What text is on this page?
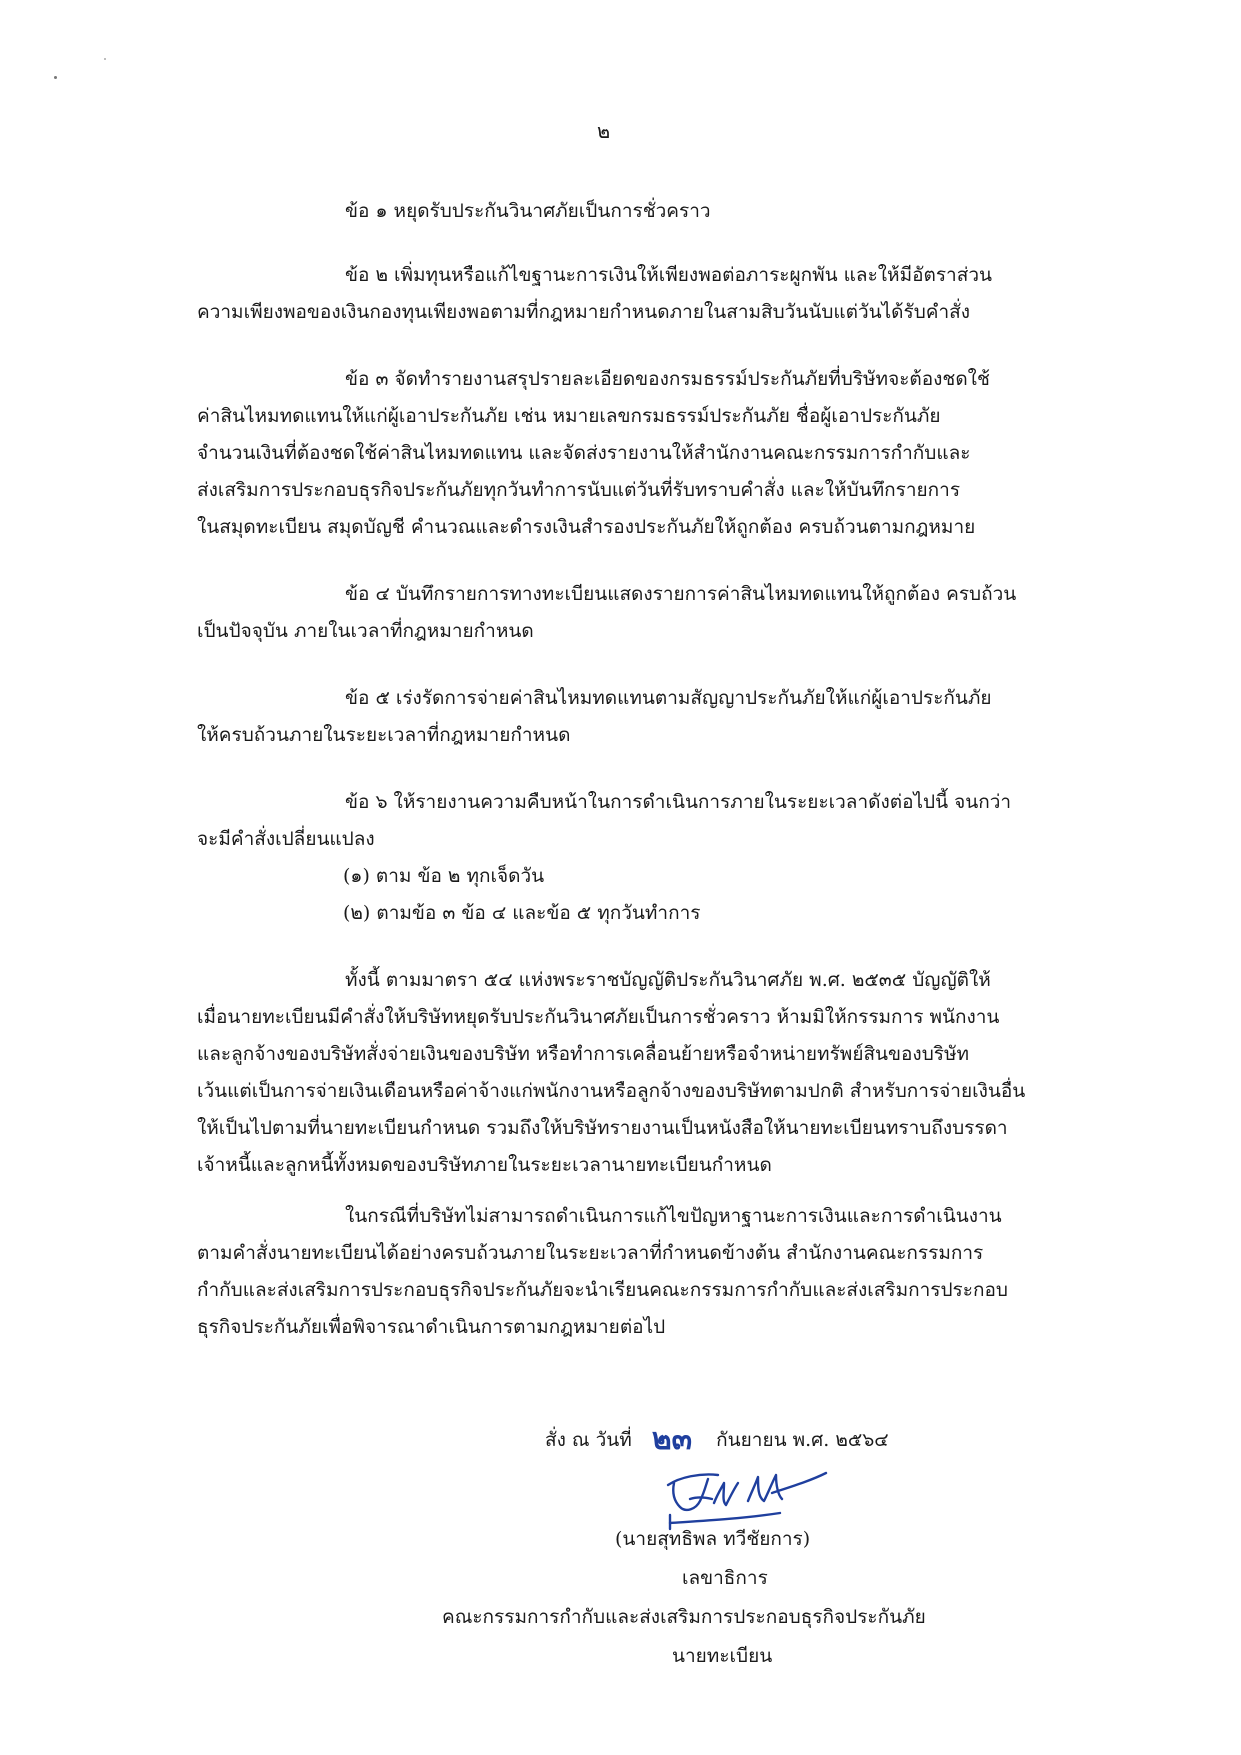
๒
ข้อ ๑ หยุดรับประกันวินาศภัยเป็นการชั่วคราว
ข้อ ๒ เพิ่มทุนหรือแก้ไขฐานะการเงินให้เพียงพอต่อภาระผูกพัน และให้มีอัตราส่วน
ความเพียงพอของเงินกองทุนเพียงพอตามที่กฎหมายกำหนดภายในสามสิบวันนับแต่วันได้รับคำสั่ง
ข้อ ๓ จัดทำรายงานสรุปรายละเอียดของกรมธรรม์ประกันภัยที่บริษัทจะต้องชดใช้
ค่าสินไหมทดแทนให้แก่ผู้เอาประกันภัย เช่น หมายเลขกรมธรรม์ประกันภัย ชื่อผู้เอาประกันภัย
จำนวนเงินที่ต้องชดใช้ค่าสินไหมทดแทน และจัดส่งรายงานให้สำนักงานคณะกรรมการกำกับและ
ส่งเสริมการประกอบธุรกิจประกันภัยทุกวันทำการนับแต่วันที่รับทราบคำสั่ง และให้บันทึกรายการ
ในสมุดทะเบียน สมุดบัญชี คำนวณและดำรงเงินสำรองประกันภัยให้ถูกต้อง ครบถ้วนตามกฎหมาย
ข้อ ๔ บันทึกรายการทางทะเบียนแสดงรายการค่าสินไหมทดแทนให้ถูกต้อง ครบถ้วน
เป็นปัจจุบัน ภายในเวลาที่กฎหมายกำหนด
ข้อ ๕ เร่งรัดการจ่ายค่าสินไหมทดแทนตามสัญญาประกันภัยให้แก่ผู้เอาประกันภัย
ให้ครบถ้วนภายในระยะเวลาที่กฎหมายกำหนด
ข้อ ๖ ให้รายงานความคืบหน้าในการดำเนินการภายในระยะเวลาดังต่อไปนี้ จนกว่า
จะมีคำสั่งเปลี่ยนแปลง
(๑) ตาม ข้อ ๒ ทุกเจ็ดวัน
(๒) ตามข้อ ๓ ข้อ ๔ และข้อ ๕ ทุกวันทำการ
ทั้งนี้ ตามมาตรา ๕๔ แห่งพระราชบัญญัติประกันวินาศภัย พ.ศ. ๒๕๓๕ บัญญัติให้
เมื่อนายทะเบียนมีคำสั่งให้บริษัทหยุดรับประกันวินาศภัยเป็นการชั่วคราว ห้ามมิให้กรรมการ พนักงาน
และลูกจ้างของบริษัทสั่งจ่ายเงินของบริษัท หรือทำการเคลื่อนย้ายหรือจำหน่ายทรัพย์สินของบริษัท
เว้นแต่เป็นการจ่ายเงินเดือนหรือค่าจ้างแก่พนักงานหรือลูกจ้างของบริษัทตามปกติ สำหรับการจ่ายเงินอื่น
ให้เป็นไปตามที่นายทะเบียนกำหนด รวมถึงให้บริษัทรายงานเป็นหนังสือให้นายทะเบียนทราบถึงบรรดา
เจ้าหนี้และลูกหนี้ทั้งหมดของบริษัทภายในระยะเวลานายทะเบียนกำหนด
ในกรณีที่บริษัทไม่สามารถดำเนินการแก้ไขปัญหาฐานะการเงินและการดำเนินงาน
ตามคำสั่งนายทะเบียนได้อย่างครบถ้วนภายในระยะเวลาที่กำหนดข้างต้น สำนักงานคณะกรรมการ
กำกับและส่งเสริมการประกอบธุรกิจประกันภัยจะนำเรียนคณะกรรมการกำกับและส่งเสริมการประกอบ
ธุรกิจประกันภัยเพื่อพิจารณาดำเนินการตามกฎหมายต่อไป
สั่ง ณ วันที่ ๒๓ กันยายน พ.ศ. ๒๕๖๔
(นายสุทธิพล ทวีชัยการ)
เลขาธิการ
คณะกรรมการกำกับและส่งเสริมการประกอบธุรกิจประกันภัย
นายทะเบียน
